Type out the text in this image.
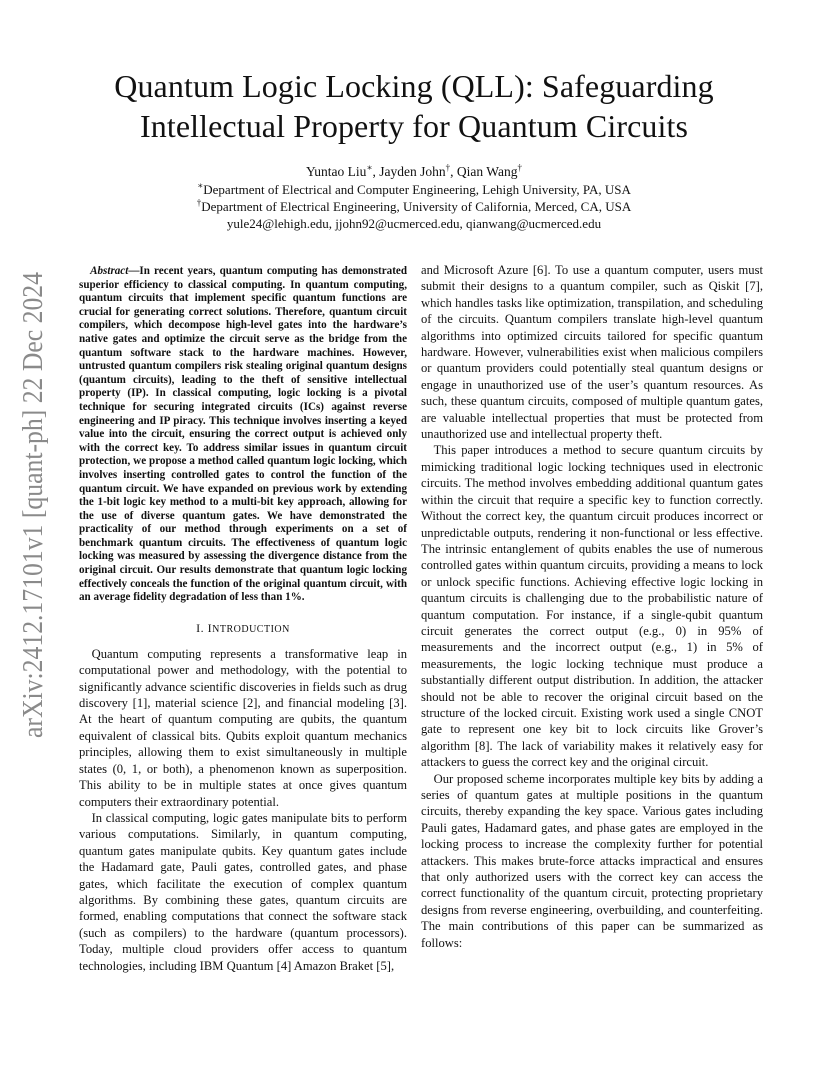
arXiv:2412.17101v1 [quant-ph] 22 Dec 2024
Quantum Logic Locking (QLL): Safeguarding
Intellectual Property for Quantum Circuits
Yuntao Liu∗, Jayden John†, Qian Wang†
∗Department of Electrical and Computer Engineering, Lehigh University, PA, USA
†Department of Electrical Engineering, University of California, Merced, CA, USA
yule24@lehigh.edu, jjohn92@ucmerced.edu, qianwang@ucmerced.edu

Abstract—In recent years, quantum computing has demonstrated superior efficiency to classical computing. In quantum computing, quantum circuits that implement specific quantum functions are crucial for generating correct solutions. Therefore, quantum circuit compilers, which decompose high-level gates into the hardware’s native gates and optimize the circuit serve as the bridge from the quantum software stack to the hardware machines. However, untrusted quantum compilers risk stealing original quantum designs (quantum circuits), leading to the theft of sensitive intellectual property (IP). In classical computing, logic locking is a pivotal technique for securing integrated circuits (ICs) against reverse engineering and IP piracy. This technique involves inserting a keyed value into the circuit, ensuring the correct output is achieved only with the correct key. To address similar issues in quantum circuit protection, we propose a method called quantum logic locking, which involves inserting controlled gates to control the function of the quantum circuit. We have expanded on previous work by extending the 1-bit logic key method to a multi-bit key approach, allowing for the use of diverse quantum gates. We have demonstrated the practicality of our method through experiments on a set of benchmark quantum circuits. The effectiveness of quantum logic locking was measured by assessing the divergence distance from the original circuit. Our results demonstrate that quantum logic locking effectively conceals the function of the original quantum circuit, with an average fidelity degradation of less than 1%.

I. INTRODUCTION

Quantum computing represents a transformative leap in computational power and methodology, with the potential to significantly advance scientific discoveries in fields such as drug discovery [1], material science [2], and financial modeling [3]. At the heart of quantum computing are qubits, the quantum equivalent of classical bits. Qubits exploit quantum mechanics principles, allowing them to exist simultaneously in multiple states (0, 1, or both), a phenomenon known as superposition. This ability to be in multiple states at once gives quantum computers their extraordinary potential.

In classical computing, logic gates manipulate bits to perform various computations. Similarly, in quantum computing, quantum gates manipulate qubits. Key quantum gates include the Hadamard gate, Pauli gates, controlled gates, and phase gates, which facilitate the execution of complex quantum algorithms. By combining these gates, quantum circuits are formed, enabling computations that connect the software stack (such as compilers) to the hardware (quantum processors). Today, multiple cloud providers offer access to quantum technologies, including IBM Quantum [4] Amazon Braket [5],

and Microsoft Azure [6]. To use a quantum computer, users must submit their designs to a quantum compiler, such as Qiskit [7], which handles tasks like optimization, transpilation, and scheduling of the circuits. Quantum compilers translate high-level quantum algorithms into optimized circuits tailored for specific quantum hardware. However, vulnerabilities exist when malicious compilers or quantum providers could potentially steal quantum designs or engage in unauthorized use of the user’s quantum resources. As such, these quantum circuits, composed of multiple quantum gates, are valuable intellectual properties that must be protected from unauthorized use and intellectual property theft.

This paper introduces a method to secure quantum circuits by mimicking traditional logic locking techniques used in electronic circuits. The method involves embedding additional quantum gates within the circuit that require a specific key to function correctly. Without the correct key, the quantum circuit produces incorrect or unpredictable outputs, rendering it non-functional or less effective. The intrinsic entanglement of qubits enables the use of numerous controlled gates within quantum circuits, providing a means to lock or unlock specific functions. Achieving effective logic locking in quantum circuits is challenging due to the probabilistic nature of quantum computation. For instance, if a single-qubit quantum circuit generates the correct output (e.g., 0) in 95% of measurements and the incorrect output (e.g., 1) in 5% of measurements, the logic locking technique must produce a substantially different output distribution. In addition, the attacker should not be able to recover the original circuit based on the structure of the locked circuit. Existing work used a single CNOT gate to represent one key bit to lock circuits like Grover’s algorithm [8]. The lack of variability makes it relatively easy for attackers to guess the correct key and the original circuit.

Our proposed scheme incorporates multiple key bits by adding a series of quantum gates at multiple positions in the quantum circuits, thereby expanding the key space. Various gates including Pauli gates, Hadamard gates, and phase gates are employed in the locking process to increase the complexity further for potential attackers. This makes brute-force attacks impractical and ensures that only authorized users with the correct key can access the correct functionality of the quantum circuit, protecting proprietary designs from reverse engineering, overbuilding, and counterfeiting. The main contributions of this paper can be summarized as follows:
